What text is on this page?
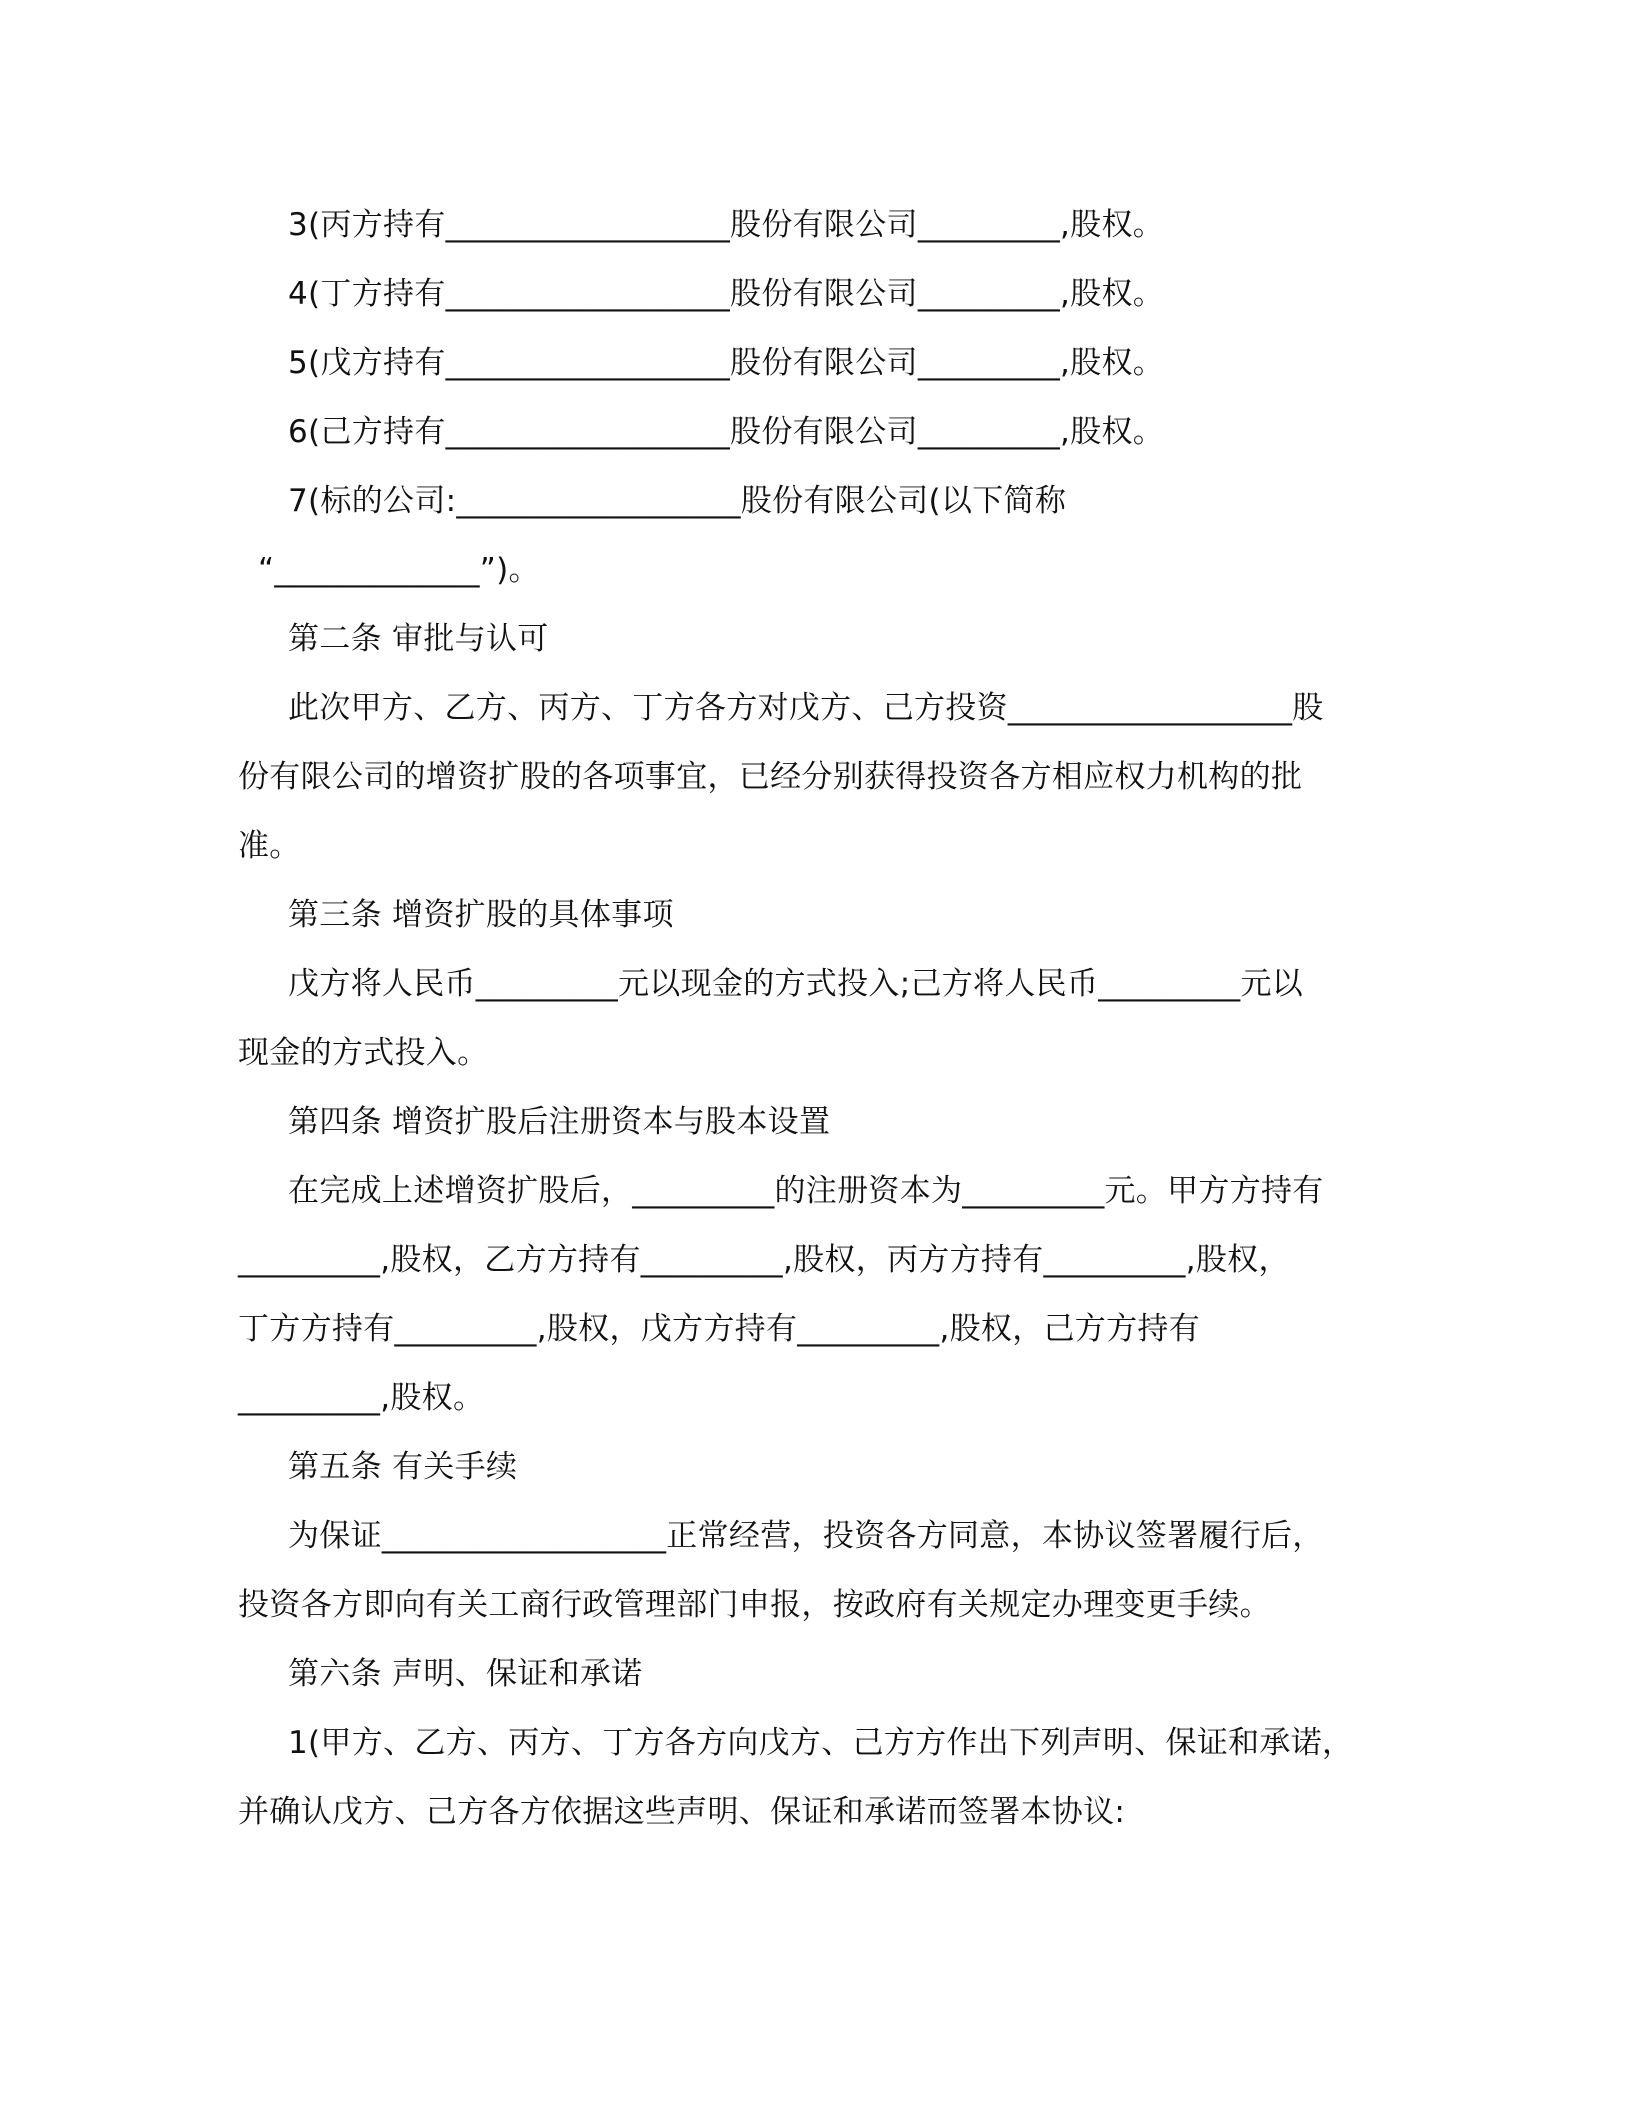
3(丙方持有__________________股份有限公司_________,股权。

4(丁方持有__________________股份有限公司_________,股权。

5(戊方持有__________________股份有限公司_________,股权。

6(己方持有__________________股份有限公司_________,股权。

7(标的公司:__________________股份有限公司(以下简称

“_____________”)。

第二条 审批与认可

此次甲方、乙方、丙方、丁方各方对戊方、己方投资__________________股

份有限公司的增资扩股的各项事宜，已经分别获得投资各方相应权力机构的批

准。

第三条 增资扩股的具体事项

戊方将人民币_________元以现金的方式投入;己方将人民币_________元以

现金的方式投入。

第四条 增资扩股后注册资本与股本设置

在完成上述增资扩股后，_________的注册资本为_________元。甲方方持有

_________,股权，乙方方持有_________,股权，丙方方持有_________,股权，

丁方方持有_________,股权，戊方方持有_________,股权，己方方持有

_________,股权。

第五条 有关手续

为保证__________________正常经营，投资各方同意，本协议签署履行后，

投资各方即向有关工商行政管理部门申报，按政府有关规定办理变更手续。

第六条 声明、保证和承诺

1(甲方、乙方、丙方、丁方各方向戊方、己方方作出下列声明、保证和承诺，

并确认戊方、己方各方依据这些声明、保证和承诺而签署本协议:
